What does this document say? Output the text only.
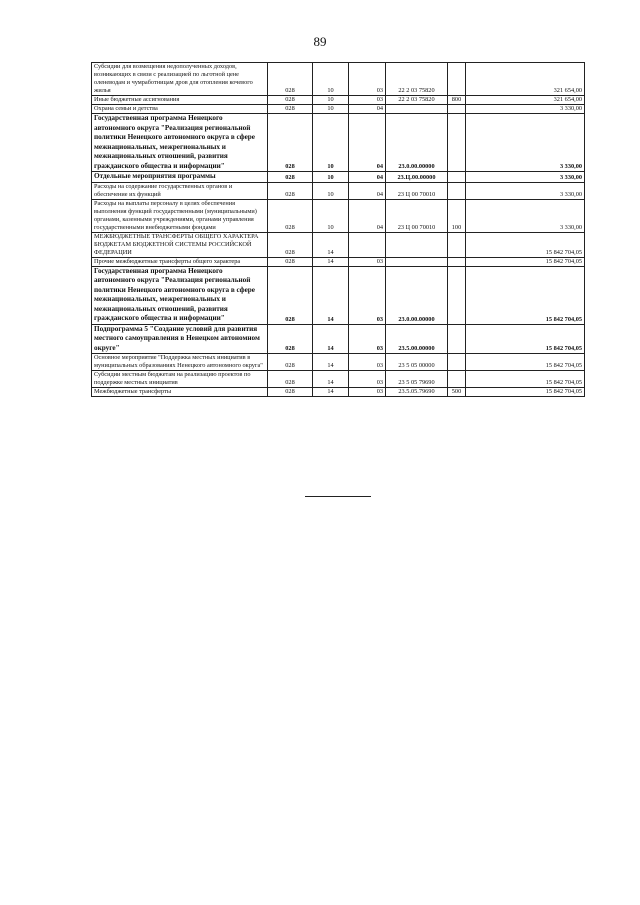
89
Субсидии для возмещения недополученных доходов, возникающих в связи с реализацией по льготной цене оленеводам и чумработницам дров для отопления кочевого жилья	028	10	03	22 2 03 75820		321 654,00
Иные бюджетные ассигнования	028	10	03	22 2 03 75820	800	321 654,00
Охрана семьи и детства	028	10	04			3 330,00
Государственная программа Ненецкого автономного округа "Реализация региональной политики Ненецкого автономного округа в сфере межнациональных, межрегиональных и межнациональных отношений, развития гражданского общества и информации"	028	10	04	23.0.00.00000		3 330,00
Отдельные мероприятия программы	028	10	04	23.Ц.00.00000		3 330,00
Расходы на содержание государственных органов и обеспечение их функций	028	10	04	23 Ц 00 70010		3 330,00
Расходы на выплаты персоналу в целях обеспечения выполнения функций государственными (муниципальными) органами, казенными учреждениями, органами управления государственными внебюджетными фондами	028	10	04	23 Ц 00 70010	100	3 330,00
МЕЖБЮДЖЕТНЫЕ ТРАНСФЕРТЫ ОБЩЕГО ХАРАКТЕРА БЮДЖЕТАМ БЮДЖЕТНОЙ СИСТЕМЫ РОССИЙСКОЙ ФЕДЕРАЦИИ	028	14				15 842 704,05
Прочие межбюджетные трансферты общего характера	028	14	03			15 842 704,05
Государственная программа Ненецкого автономного округа "Реализация региональной политики Ненецкого автономного округа в сфере межнациональных, межрегиональных и межнациональных отношений, развития гражданского общества и информации"	028	14	03	23.0.00.00000		15 842 704,05
Подпрограмма 5 "Создание условий для развития местного самоуправления в Ненецком автономном округе"	028	14	03	23.5.00.00000		15 842 704,05
Основное мероприятие "Поддержка местных инициатив в муниципальных образованиях Ненецкого автономного округа"	028	14	03	23 5 05 00000		15 842 704,05
Субсидии местным бюджетам на реализацию проектов по поддержке местных инициатив	028	14	03	23 5 05 79690		15 842 704,05
Межбюджетные трансферты	028	14	03	23.5.05.79690	500	15 842 704,05
